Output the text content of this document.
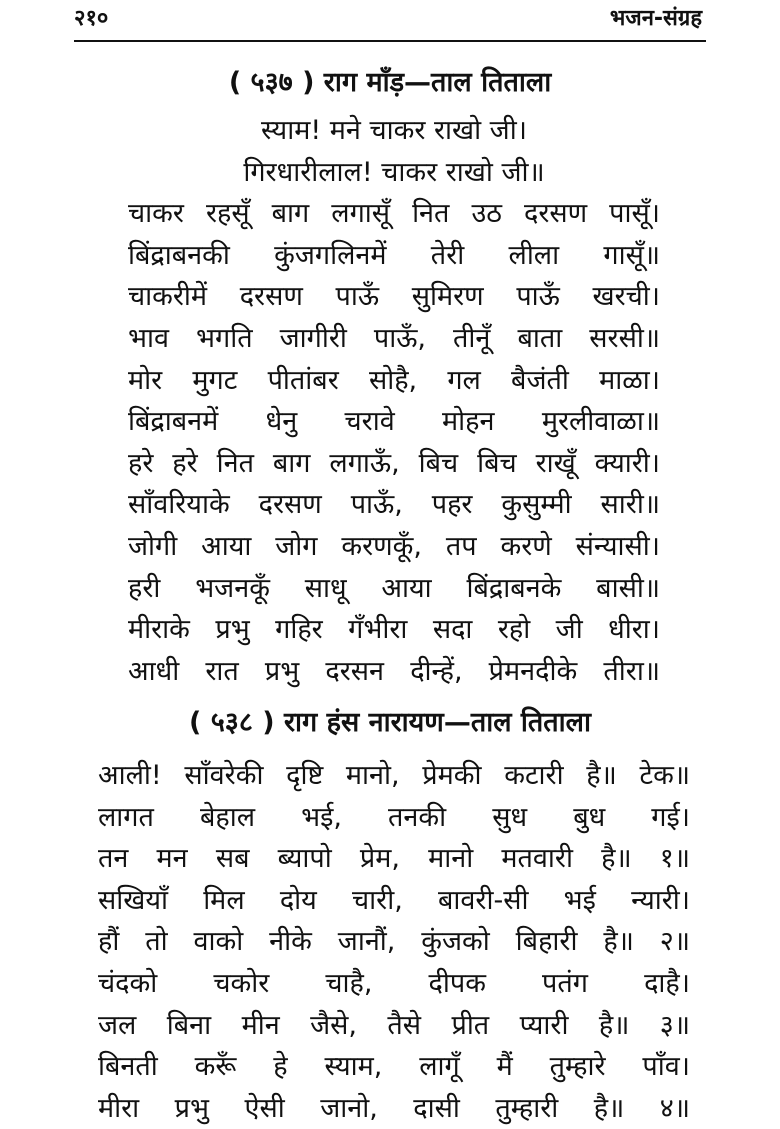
२१०	भजन-संग्रह
( ५३७ ) राग माँड़—ताल तिताला
स्याम! मने चाकर राखो जी।
गिरधारीलाल! चाकर राखो जी॥
चाकर रहसूँ बाग लगासूँ नित उठ दरसण पासूँ।
बिंद्राबनकी कुंजगलिनमें तेरी लीला गासूँ॥
चाकरीमें दरसण पाऊँ सुमिरण पाऊँ खरची।
भाव भगति जागीरी पाऊँ, तीनूँ बाता सरसी॥
मोर मुगट पीतांबर सोहै, गल बैजंती माळा।
बिंद्राबनमें धेनु चरावे मोहन मुरलीवाळा॥
हरे हरे नित बाग लगाऊँ, बिच बिच राखूँ क्यारी।
साँवरियाके दरसण पाऊँ, पहर कुसुम्मी सारी॥
जोगी आया जोग करणकूँ, तप करणे संन्यासी।
हरी भजनकूँ साधू आया बिंद्राबनके बासी॥
मीराके प्रभु गहिर गँभीरा सदा रहो जी धीरा।
आधी रात प्रभु दरसन दीन्हें, प्रेमनदीके तीरा॥
( ५३८ ) राग हंस नारायण—ताल तिताला
आली! साँवरेकी दृष्टि मानो, प्रेमकी कटारी है॥ टेक॥
लागत बेहाल भई, तनकी सुध बुध गई।
तन मन सब ब्यापो प्रेम, मानो मतवारी है॥ १॥
सखियाँ मिल दोय चारी, बावरी-सी भई न्यारी।
हौं तो वाको नीके जानौं, कुंजको बिहारी है॥ २॥
चंदको चकोर चाहै, दीपक पतंग दाहै।
जल बिना मीन जैसे, तैसे प्रीत प्यारी है॥ ३॥
बिनती करूँ हे स्याम, लागूँ मैं तुम्हारे पाँव।
मीरा प्रभु ऐसी जानो, दासी तुम्हारी है॥ ४॥
